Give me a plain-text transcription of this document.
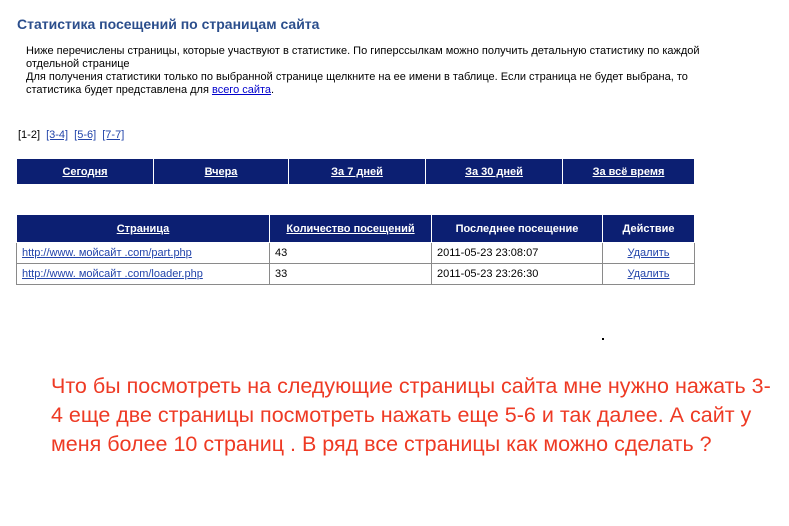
Статистика посещений по страницам сайта
Ниже перечислены страницы, которые участвуют в статистике. По гиперссылкам можно получить детальную статистику по каждой отдельной странице
Для получения статистики только по выбранной странице щелкните на ее имени в таблице. Если страница не будет выбрана, то статистика будет представлена для всего сайта.
[1-2] [3-4] [5-6] [7-7]
Сегодня	Вчера	За 7 дней	За 30 дней	За всё время
Страница	Количество посещений	Последнее посещение	Действие
http://www. мойсайт .com/part.php	43	2011-05-23 23:08:07	Удалить
http://www. мойсайт .com/loader.php	33	2011-05-23 23:26:30	Удалить
Что бы посмотреть на следующие страницы сайта мне нужно нажать 3-4 еще две страницы посмотреть нажать еще 5-6 и так далее. А сайт у меня более 10 страниц . В ряд все страницы как можно сделать ?
